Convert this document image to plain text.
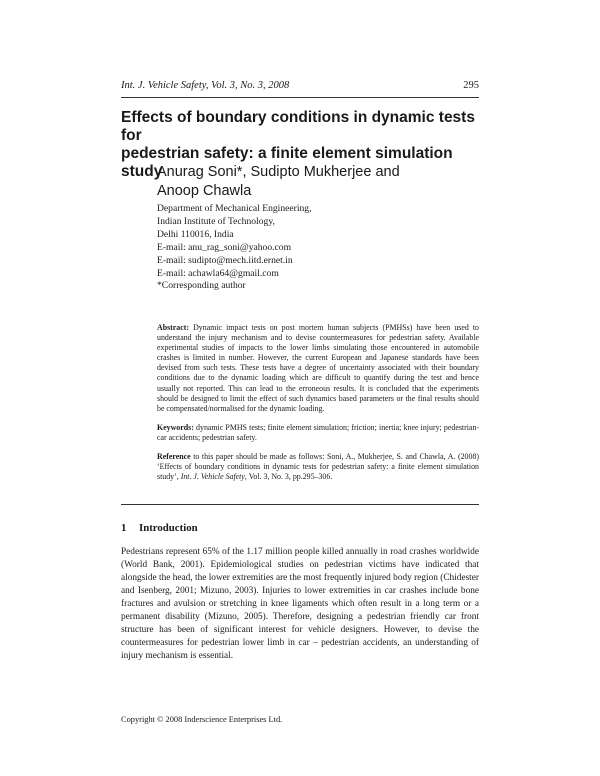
Int. J. Vehicle Safety, Vol. 3, No. 3, 2008	295
Effects of boundary conditions in dynamic tests for
pedestrian safety: a finite element simulation study
Anurag Soni*, Sudipto Mukherjee and
Anoop Chawla
Department of Mechanical Engineering,
Indian Institute of Technology,
Delhi 110016, India
E-mail: anu_rag_soni@yahoo.com
E-mail: sudipto@mech.iitd.ernet.in
E-mail: achawla64@gmail.com
*Corresponding author

Abstract: Dynamic impact tests on post mortem human subjects (PMHSs) have been used to understand the injury mechanism and to devise countermeasures for pedestrian safety. Available experimental studies of impacts to the lower limbs simulating those encountered in automobile crashes is limited in number. However, the current European and Japanese standards have been devised from such tests. These tests have a degree of uncertainty associated with their boundary conditions due to the dynamic loading which are difficult to quantify during the test and hence usually not reported. This can lead to the erroneous results. It is concluded that the experiments should be designed to limit the effect of such dynamics based parameters or the final results should be compensated/normalised for the dynamic loading.

Keywords: dynamic PMHS tests; finite element simulation; friction; inertia; knee injury; pedestrian-car accidents; pedestrian safety.

Reference to this paper should be made as follows: Soni, A., Mukherjee, S. and Chawla, A. (2008) ‘Effects of boundary conditions in dynamic tests for pedestrian safety: a finite element simulation study’, Int. J. Vehicle Safety, Vol. 3, No. 3, pp.295–306.

1 Introduction

Pedestrians represent 65% of the 1.17 million people killed annually in road crashes worldwide (World Bank, 2001). Epidemiological studies on pedestrian victims have indicated that alongside the head, the lower extremities are the most frequently injured body region (Chidester and Isenberg, 2001; Mizuno, 2003). Injuries to lower extremities in car crashes include bone fractures and avulsion or stretching in knee ligaments which often result in a long term or a permanent disability (Mizuno, 2005). Therefore, designing a pedestrian friendly car front structure has been of significant interest for vehicle designers. However, to devise the countermeasures for pedestrian lower limb in car – pedestrian accidents, an understanding of injury mechanism is essential.

Copyright © 2008 Inderscience Enterprises Ltd.
